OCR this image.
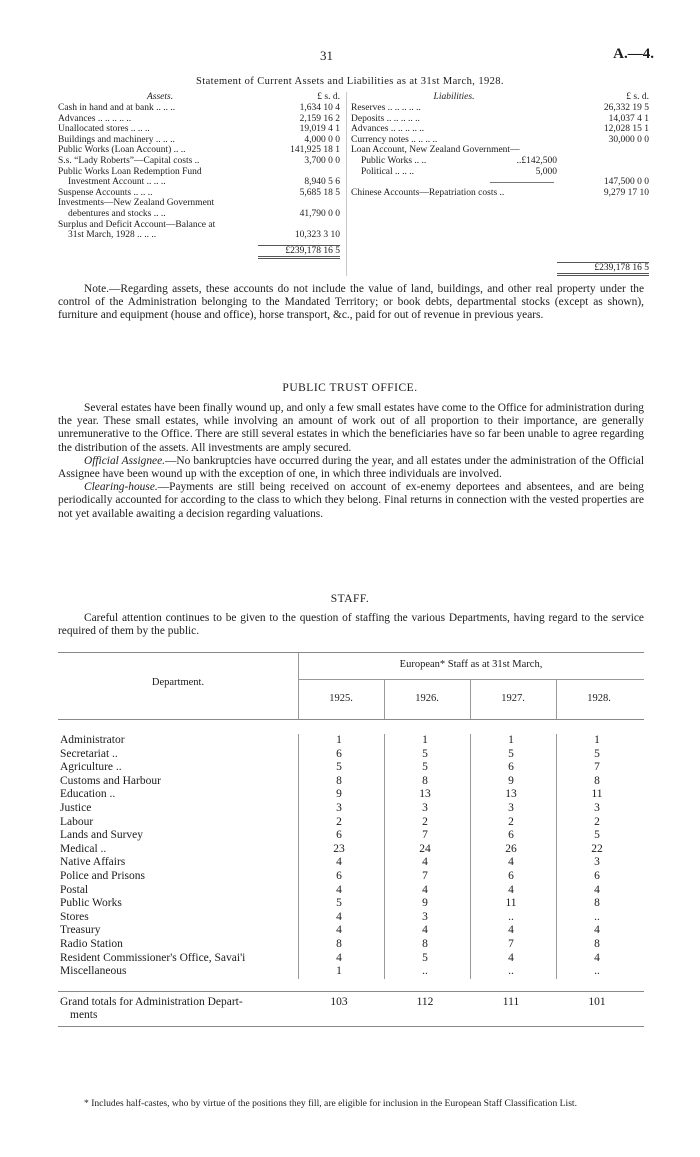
31	A.—4.
Statement of Current Assets and Liabilities as at 31st March, 1928.
Assets.	£ s. d.
Cash in hand and at bank .. .. ..	1,634 10 4
Advances .. .. .. .. ..	2,159 16 2
Unallocated stores .. .. ..	19,019 4 1
Buildings and machinery .. .. ..	4,000 0 0
Public Works (Loan Account) .. ..	141,925 18 1
S.s. “Lady Roberts”—Capital costs ..	3,700 0 0
Public Works Loan Redemption Fund
Investment Account .. .. ..	8,940 5 6
Suspense Accounts .. .. ..	5,685 18 5
Investments—New Zealand Government
debentures and stocks .. ..	41,790 0 0
Surplus and Deficit Account—Balance at
31st March, 1928 .. .. ..	10,323 3 10
£239,178 16 5
Liabilities.	£ s. d.
Reserves .. .. .. .. ..	26,332 19 5
Deposits .. .. .. .. ..	14,037 4 1
Advances .. .. .. .. ..	12,028 15 1
Currency notes .. .. .. ..	30,000 0 0
Loan Account, New Zealand Government—
Public Works .. ..	..£142,500
Political .. .. ..	5,000
147,500 0 0
Chinese Accounts—Repatriation costs ..	9,279 17 10
£239,178 16 5
Note.—Regarding assets, these accounts do not include the value of land, buildings, and other real property under the control of the Administration belonging to the Mandated Territory; or book debts, departmental stocks (except as shown), furniture and equipment (house and office), horse transport, &c., paid for out of revenue in previous years.
PUBLIC TRUST OFFICE.
Several estates have been finally wound up, and only a few small estates have come to the Office for administration during the year. These small estates, while involving an amount of work out of all proportion to their importance, are generally unremunerative to the Office. There are still several estates in which the beneficiaries have so far been unable to agree regarding the distribution of the assets. All investments are amply secured.
Official Assignee.—No bankruptcies have occurred during the year, and all estates under the administration of the Official Assignee have been wound up with the exception of one, in which three individuals are involved.
Clearing-house.—Payments are still being received on account of ex-enemy deportees and absentees, and are being periodically accounted for according to the class to which they belong. Final returns in connection with the vested properties are not yet available awaiting a decision regarding valuations.
STAFF.
Careful attention continues to be given to the question of staffing the various Departments, having regard to the service required of them by the public.
Department.
European* Staff as at 31st March,
1925.	1926.	1927.	1928.
Administrator	1	1	1	1
Secretariat ..	6	5	5	5
Agriculture ..	5	5	6	7
Customs and Harbour	8	8	9	8
Education ..	9	13	13	11
Justice	3	3	3	3
Labour	2	2	2	2
Lands and Survey	6	7	6	5
Medical ..	23	24	26	22
Native Affairs	4	4	4	3
Police and Prisons	6	7	6	6
Postal	4	4	4	4
Public Works	5	9	11	8
Stores	4	3	..	..
Treasury	4	4	4	4
Radio Station	8	8	7	8
Resident Commissioner's Office, Savai'i	4	5	4	4
Miscellaneous	1	..	..	..
Grand totals for Administration Depart-
ments
103	112	111	101
* Includes half-castes, who by virtue of the positions they fill, are eligible for inclusion in the European Staff Classification List.
